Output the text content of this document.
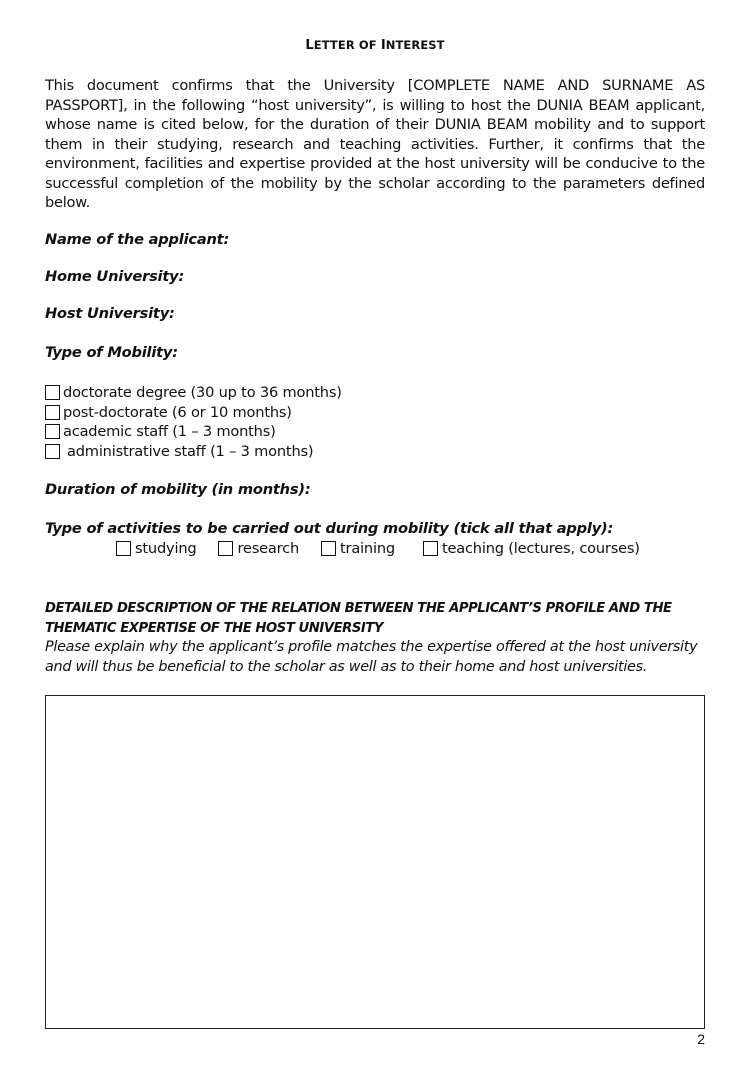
LETTER OF INTEREST
This document confirms that the University [COMPLETE NAME AND SURNAME AS PASSPORT], in the following “host university”, is willing to host the DUNIA BEAM applicant, whose name is cited below, for the duration of their DUNIA BEAM mobility and to support them in their studying, research and teaching activities. Further, it confirms that the environment, facilities and expertise provided at the host university will be conducive to the successful completion of the mobility by the scholar according to the parameters defined below.
Name of the applicant:
Home University:
Host University:
Type of Mobility:
doctorate degree (30 up to 36 months)
post-doctorate (6 or 10 months)
academic staff (1 – 3 months)
administrative staff (1 – 3 months)
Duration of mobility (in months):
Type of activities to be carried out during mobility (tick all that apply):
studying	research	training	teaching (lectures, courses)
DETAILED DESCRIPTION OF THE RELATION BETWEEN THE APPLICANT’S PROFILE AND THE THEMATIC EXPERTISE OF THE HOST UNIVERSITY
Please explain why the applicant’s profile matches the expertise offered at the host university and will thus be beneficial to the scholar as well as to their home and host universities.
2
